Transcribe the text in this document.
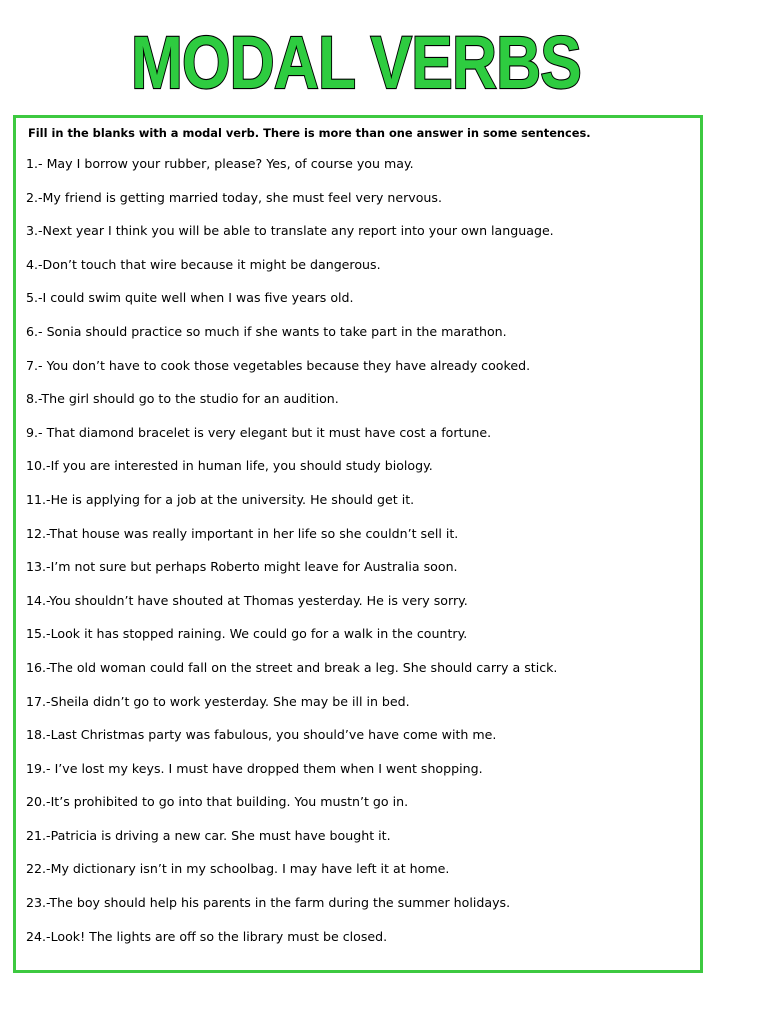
MODAL VERBS
Fill in the blanks with a modal verb. There is more than one answer in some sentences.
1.- May I borrow your rubber, please? Yes, of course you may.
2.-My friend is getting married today, she must feel very nervous.
3.-Next year I think you will be able to translate any report into your own language.
4.-Don’t touch that wire because it might be dangerous.
5.-I could swim quite well when I was five years old.
6.- Sonia should practice so much if she wants to take part in the marathon.
7.- You don’t have to cook those vegetables because they have already cooked.
8.-The girl should go to the studio for an audition.
9.- That diamond bracelet is very elegant but it must have cost a fortune.
10.-If you are interested in human life, you should study biology.
11.-He is applying for a job at the university. He should get it.
12.-That house was really important in her life so she couldn’t sell it.
13.-I’m not sure but perhaps Roberto might leave for Australia soon.
14.-You shouldn’t have shouted at Thomas yesterday. He is very sorry.
15.-Look it has stopped raining. We could go for a walk in the country.
16.-The old woman could fall on the street and break a leg. She should carry a stick.
17.-Sheila didn’t go to work yesterday. She may be ill in bed.
18.-Last Christmas party was fabulous, you should’ve have come with me.
19.- I’ve lost my keys. I must have dropped them when I went shopping.
20.-It’s prohibited to go into that building. You mustn’t go in.
21.-Patricia is driving a new car. She must have bought it.
22.-My dictionary isn’t in my schoolbag. I may have left it at home.
23.-The boy should help his parents in the farm during the summer holidays.
24.-Look! The lights are off so the library must be closed.
